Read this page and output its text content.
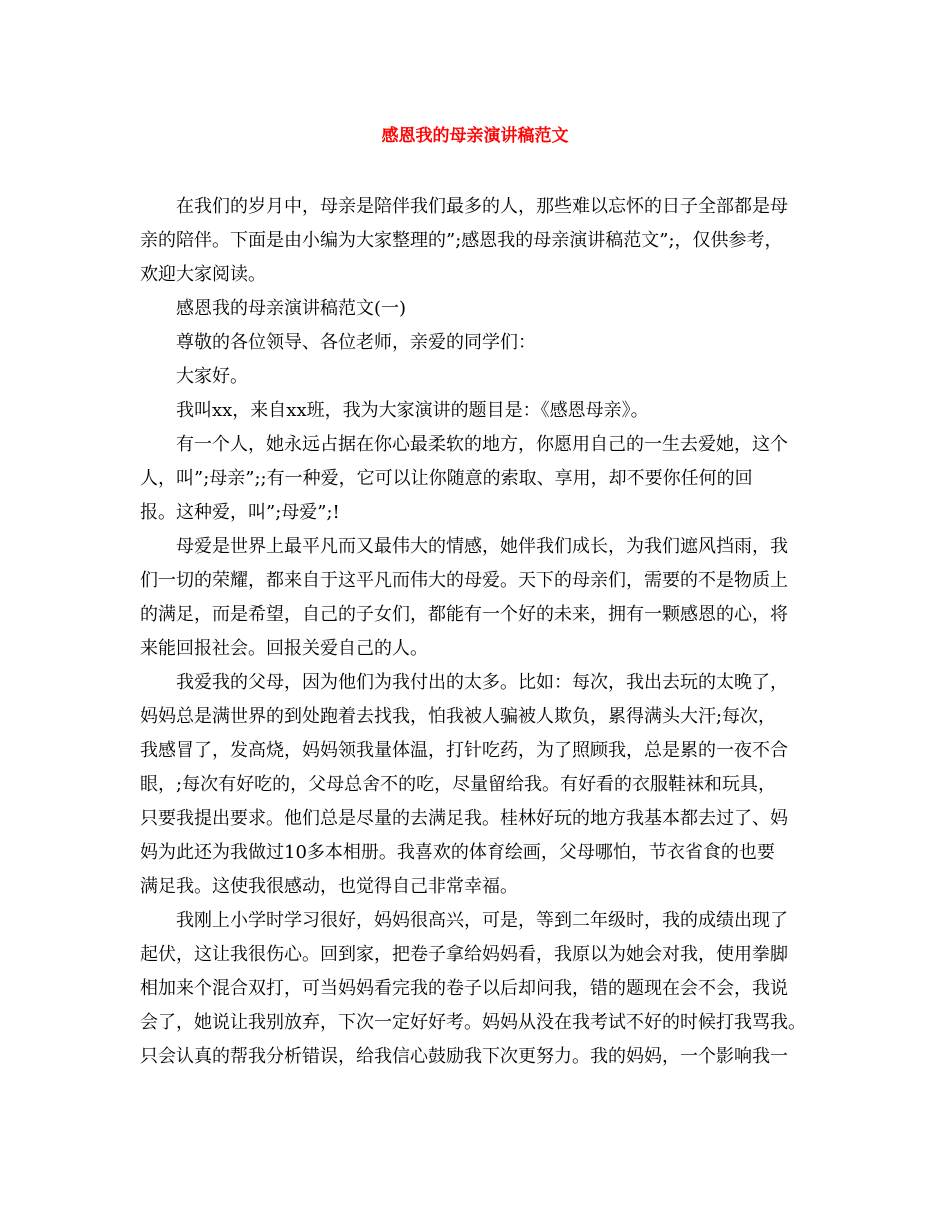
感恩我的母亲演讲稿范文
在我们的岁月中，母亲是陪伴我们最多的人，那些难以忘怀的日子全部都是母
亲的陪伴。下面是由小编为大家整理的”;感恩我的母亲演讲稿范文”;，仅供参考，
欢迎大家阅读。
感恩我的母亲演讲稿范文(一)
尊敬的各位领导、各位老师，亲爱的同学们：
大家好。
我叫xx，来自xx班，我为大家演讲的题目是：《感恩母亲》。
有一个人，她永远占据在你心最柔软的地方，你愿用自己的一生去爱她，这个
人，叫”;母亲”;;有一种爱，它可以让你随意的索取、享用，却不要你任何的回
报。这种爱，叫”;母爱”;!
母爱是世界上最平凡而又最伟大的情感，她伴我们成长，为我们遮风挡雨，我
们一切的荣耀，都来自于这平凡而伟大的母爱。天下的母亲们，需要的不是物质上
的满足，而是希望，自己的子女们，都能有一个好的未来，拥有一颗感恩的心，将
来能回报社会。回报关爱自己的人。
我爱我的父母，因为他们为我付出的太多。比如：每次，我出去玩的太晚了，
妈妈总是满世界的到处跑着去找我，怕我被人骗被人欺负，累得满头大汗;每次，
我感冒了，发高烧，妈妈领我量体温，打针吃药，为了照顾我，总是累的一夜不合
眼，;每次有好吃的，父母总舍不的吃，尽量留给我。有好看的衣服鞋袜和玩具，
只要我提出要求。他们总是尽量的去满足我。桂林好玩的地方我基本都去过了、妈
妈为此还为我做过10多本相册。我喜欢的体育绘画，父母哪怕，节衣省食的也要
满足我。这使我很感动，也觉得自己非常幸福。
我刚上小学时学习很好，妈妈很高兴，可是，等到二年级时，我的成绩出现了
起伏，这让我很伤心。回到家，把卷子拿给妈妈看，我原以为她会对我，使用拳脚
相加来个混合双打，可当妈妈看完我的卷子以后却问我，错的题现在会不会，我说
会了，她说让我别放弃，下次一定好好考。妈妈从没在我考试不好的时候打我骂我。
只会认真的帮我分析错误，给我信心鼓励我下次更努力。我的妈妈，一个影响我一
